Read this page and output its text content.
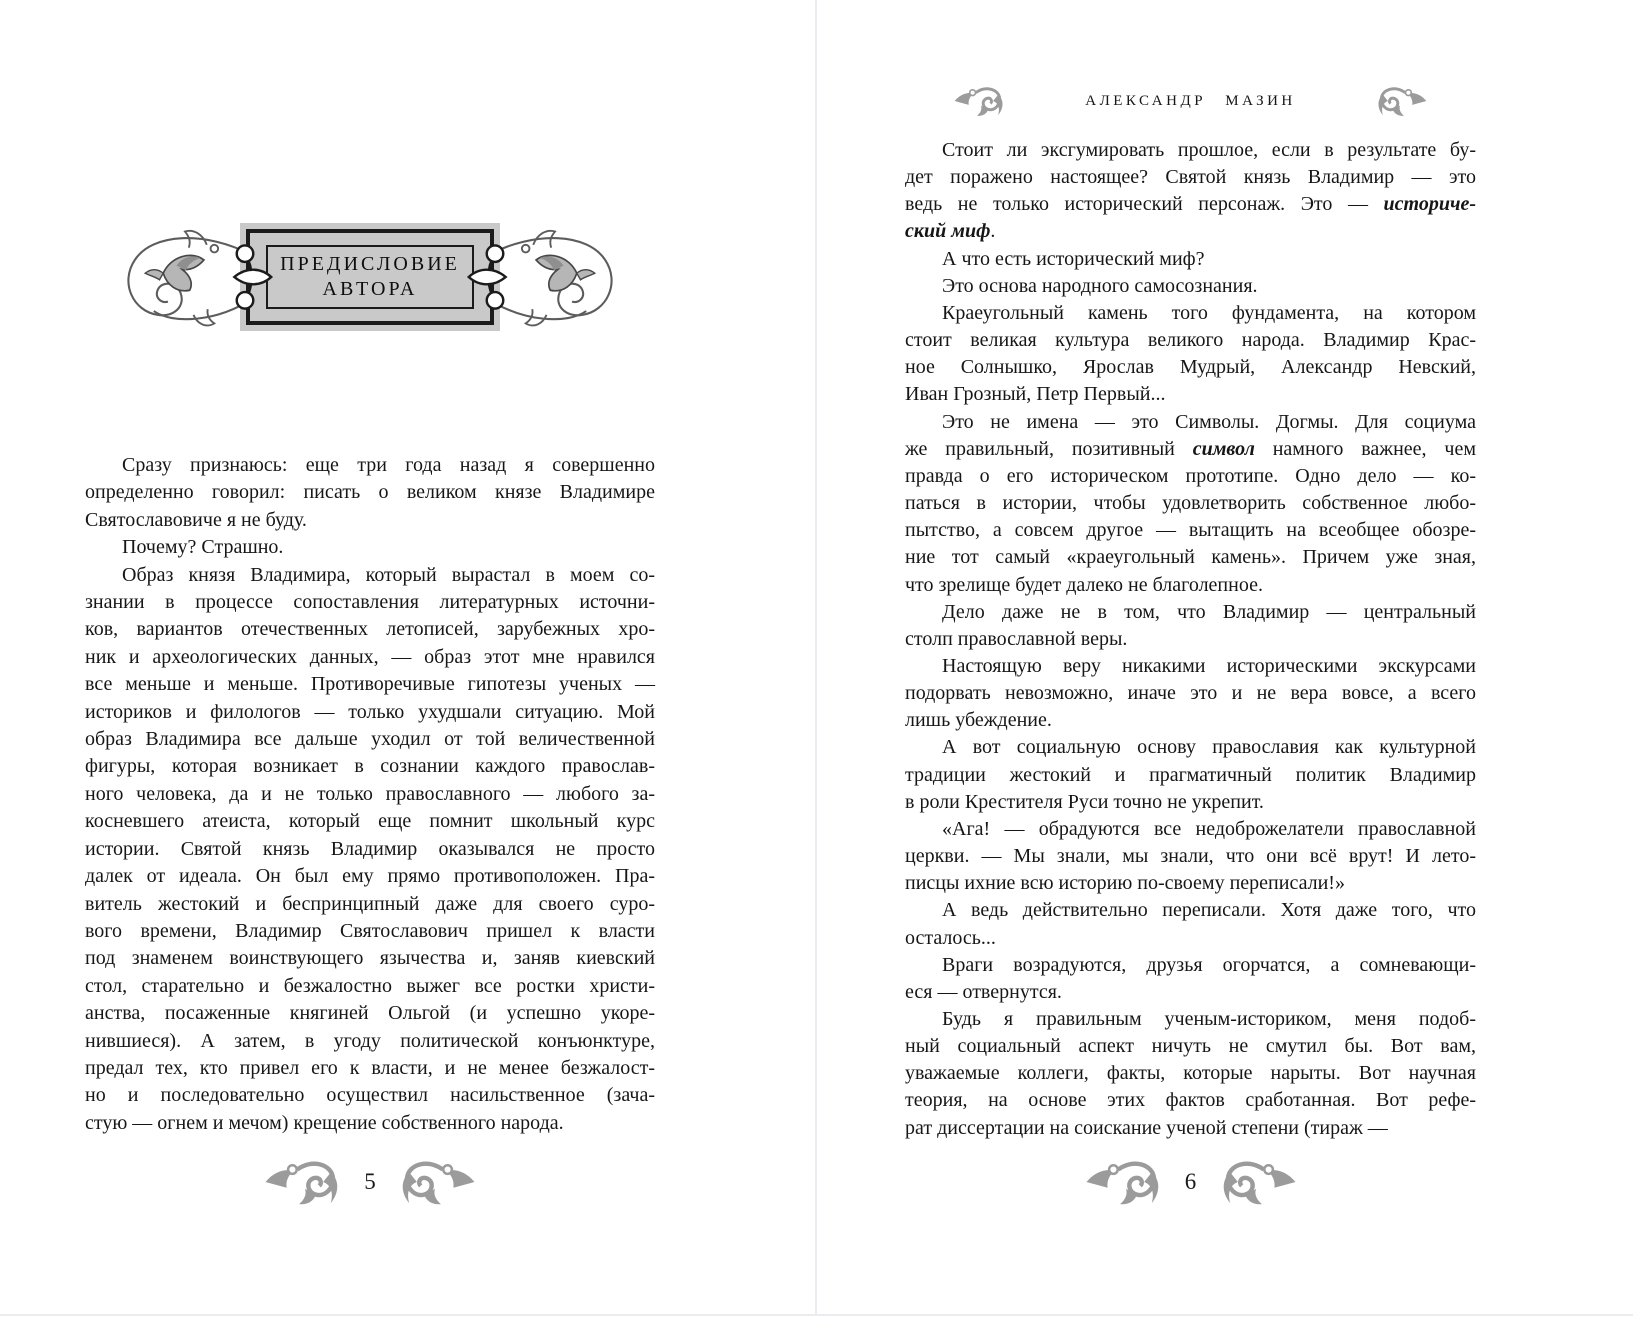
ПРЕДИСЛОВИЕ
АВТОРА
Сразу признаюсь: еще три года назад я совершенно
определенно говорил: писать о великом князе Владимире
Святославовиче я не буду.
Почему? Страшно.
Образ князя Владимира, который вырастал в моем со-
знании в процессе сопоставления литературных источни-
ков, вариантов отечественных летописей, зарубежных хро-
ник и археологических данных, — образ этот мне нравился
все меньше и меньше. Противоречивые гипотезы ученых —
историков и филологов — только ухудшали ситуацию. Мой
образ Владимира все дальше уходил от той величественной
фигуры, которая возникает в сознании каждого православ-
ного человека, да и не только православного — любого за-
косневшего атеиста, который еще помнит школьный курс
истории. Святой князь Владимир оказывался не просто
далек от идеала. Он был ему прямо противоположен. Пра-
витель жестокий и беспринципный даже для своего суро-
вого времени, Владимир Святославович пришел к власти
под знаменем воинствующего язычества и, заняв киевский
стол, старательно и безжалостно выжег все ростки христи-
анства, посаженные княгиней Ольгой (и успешно укоре-
нившиеся). А затем, в угоду политической конъюнктуре,
предал тех, кто привел его к власти, и не менее безжалост-
но и последовательно осуществил насильственное (зача-
стую — огнем и мечом) крещение собственного народа.
5
АЛЕКСАНДР МАЗИН
Стоит ли эксгумировать прошлое, если в результате бу-
дет поражено настоящее? Святой князь Владимир — это
ведь не только исторический персонаж. Это — историче-
ский миф.
А что есть исторический миф?
Это основа народного самосознания.
Краеугольный камень того фундамента, на котором
стоит великая культура великого народа. Владимир Крас-
ное Солнышко, Ярослав Мудрый, Александр Невский,
Иван Грозный, Петр Первый...
Это не имена — это Символы. Догмы. Для социума
же правильный, позитивный символ намного важнее, чем
правда о его историческом прототипе. Одно дело — ко-
паться в истории, чтобы удовлетворить собственное любо-
пытство, а совсем другое — вытащить на всеобщее обозре-
ние тот самый «краеугольный камень». Причем уже зная,
что зрелище будет далеко не благолепное.
Дело даже не в том, что Владимир — центральный
столп православной веры.
Настоящую веру никакими историческими экскурсами
подорвать невозможно, иначе это и не вера вовсе, а всего
лишь убеждение.
А вот социальную основу православия как культурной
традиции жестокий и прагматичный политик Владимир
в роли Крестителя Руси точно не укрепит.
«Ага! — обрадуются все недоброжелатели православной
церкви. — Мы знали, мы знали, что они всё врут! И лето-
писцы ихние всю историю по-своему переписали!»
А ведь действительно переписали. Хотя даже того, что
осталось...
Враги возрадуются, друзья огорчатся, а сомневающи-
еся — отвернутся.
Будь я правильным ученым-историком, меня подоб-
ный социальный аспект ничуть не смутил бы. Вот вам,
уважаемые коллеги, факты, которые нарыты. Вот научная
теория, на основе этих фактов сработанная. Вот рефе-
рат диссертации на соискание ученой степени (тираж —
6
